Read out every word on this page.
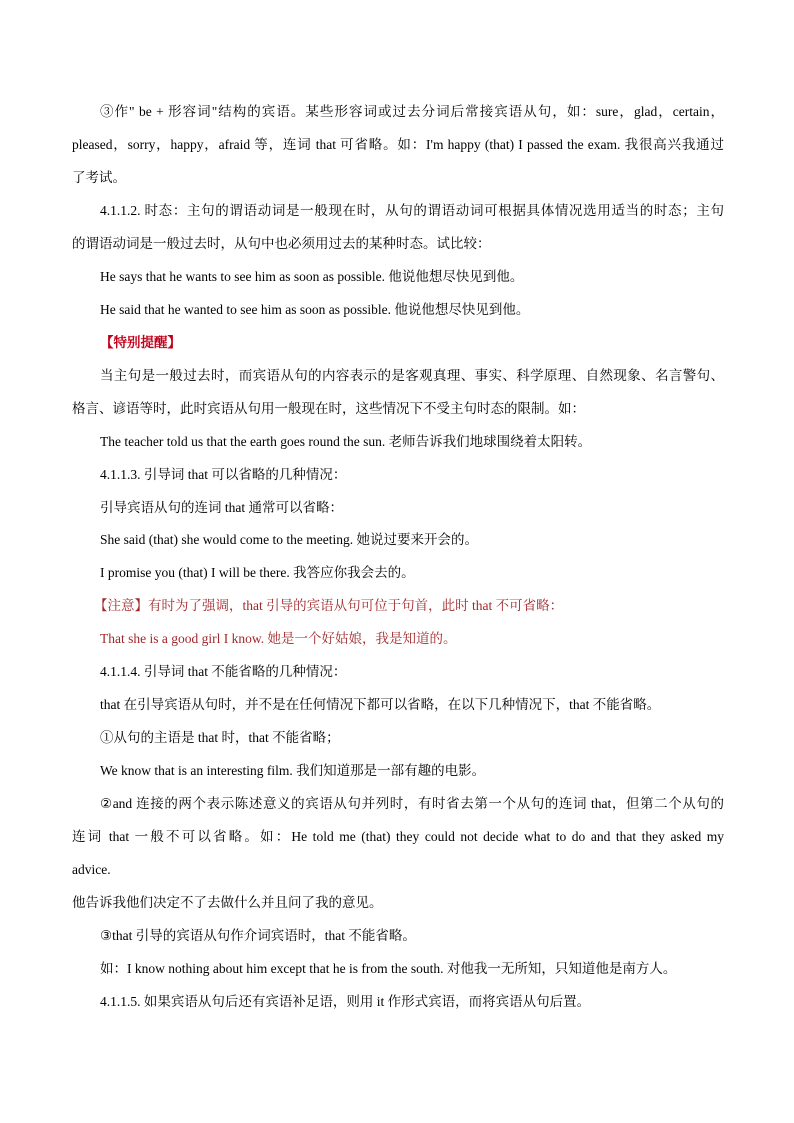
③作" be + 形容词"结构的宾语。某些形容词或过去分词后常接宾语从句，如：sure，glad，certain，

pleased，sorry，happy，afraid 等，连词 that 可省略。如：I'm happy (that) I passed the exam. 我很高兴我通过

了考试。

4.1.1.2. 时态：主句的谓语动词是一般现在时，从句的谓语动词可根据具体情况选用适当的时态；主句

的谓语动词是一般过去时，从句中也必须用过去的某种时态。试比较：

He says that he wants to see him as soon as possible. 他说他想尽快见到他。

He said that he wanted to see him as soon as possible. 他说他想尽快见到他。

【特别提醒】

当主句是一般过去时，而宾语从句的内容表示的是客观真理、事实、科学原理、自然现象、名言警句、

格言、谚语等时，此时宾语从句用一般现在时，这些情况下不受主句时态的限制。如：

The teacher told us that the earth goes round the sun. 老师告诉我们地球围绕着太阳转。

4.1.1.3. 引导词 that 可以省略的几种情况：

引导宾语从句的连词 that 通常可以省略：

She said (that) she would come to the meeting. 她说过要来开会的。

I promise you (that) I will be there. 我答应你我会去的。

【注意】有时为了强调，that 引导的宾语从句可位于句首，此时 that 不可省略：

That she is a good girl I know. 她是一个好姑娘，我是知道的。

4.1.1.4. 引导词 that 不能省略的几种情况：

that 在引导宾语从句时，并不是在任何情况下都可以省略，在以下几种情况下，that 不能省略。

①从句的主语是 that 时，that 不能省略；

We know that is an interesting film. 我们知道那是一部有趣的电影。

②and 连接的两个表示陈述意义的宾语从句并列时，有时省去第一个从句的连词 that，但第二个从句的

连词 that 一般不可以省略。如：He told me (that) they could not decide what to do and that they asked my

advice.

他告诉我他们决定不了去做什么并且问了我的意见。

③that 引导的宾语从句作介词宾语时，that 不能省略。

如：I know nothing about him except that he is from the south. 对他我一无所知，只知道他是南方人。

4.1.1.5. 如果宾语从句后还有宾语补足语，则用 it 作形式宾语，而将宾语从句后置。
